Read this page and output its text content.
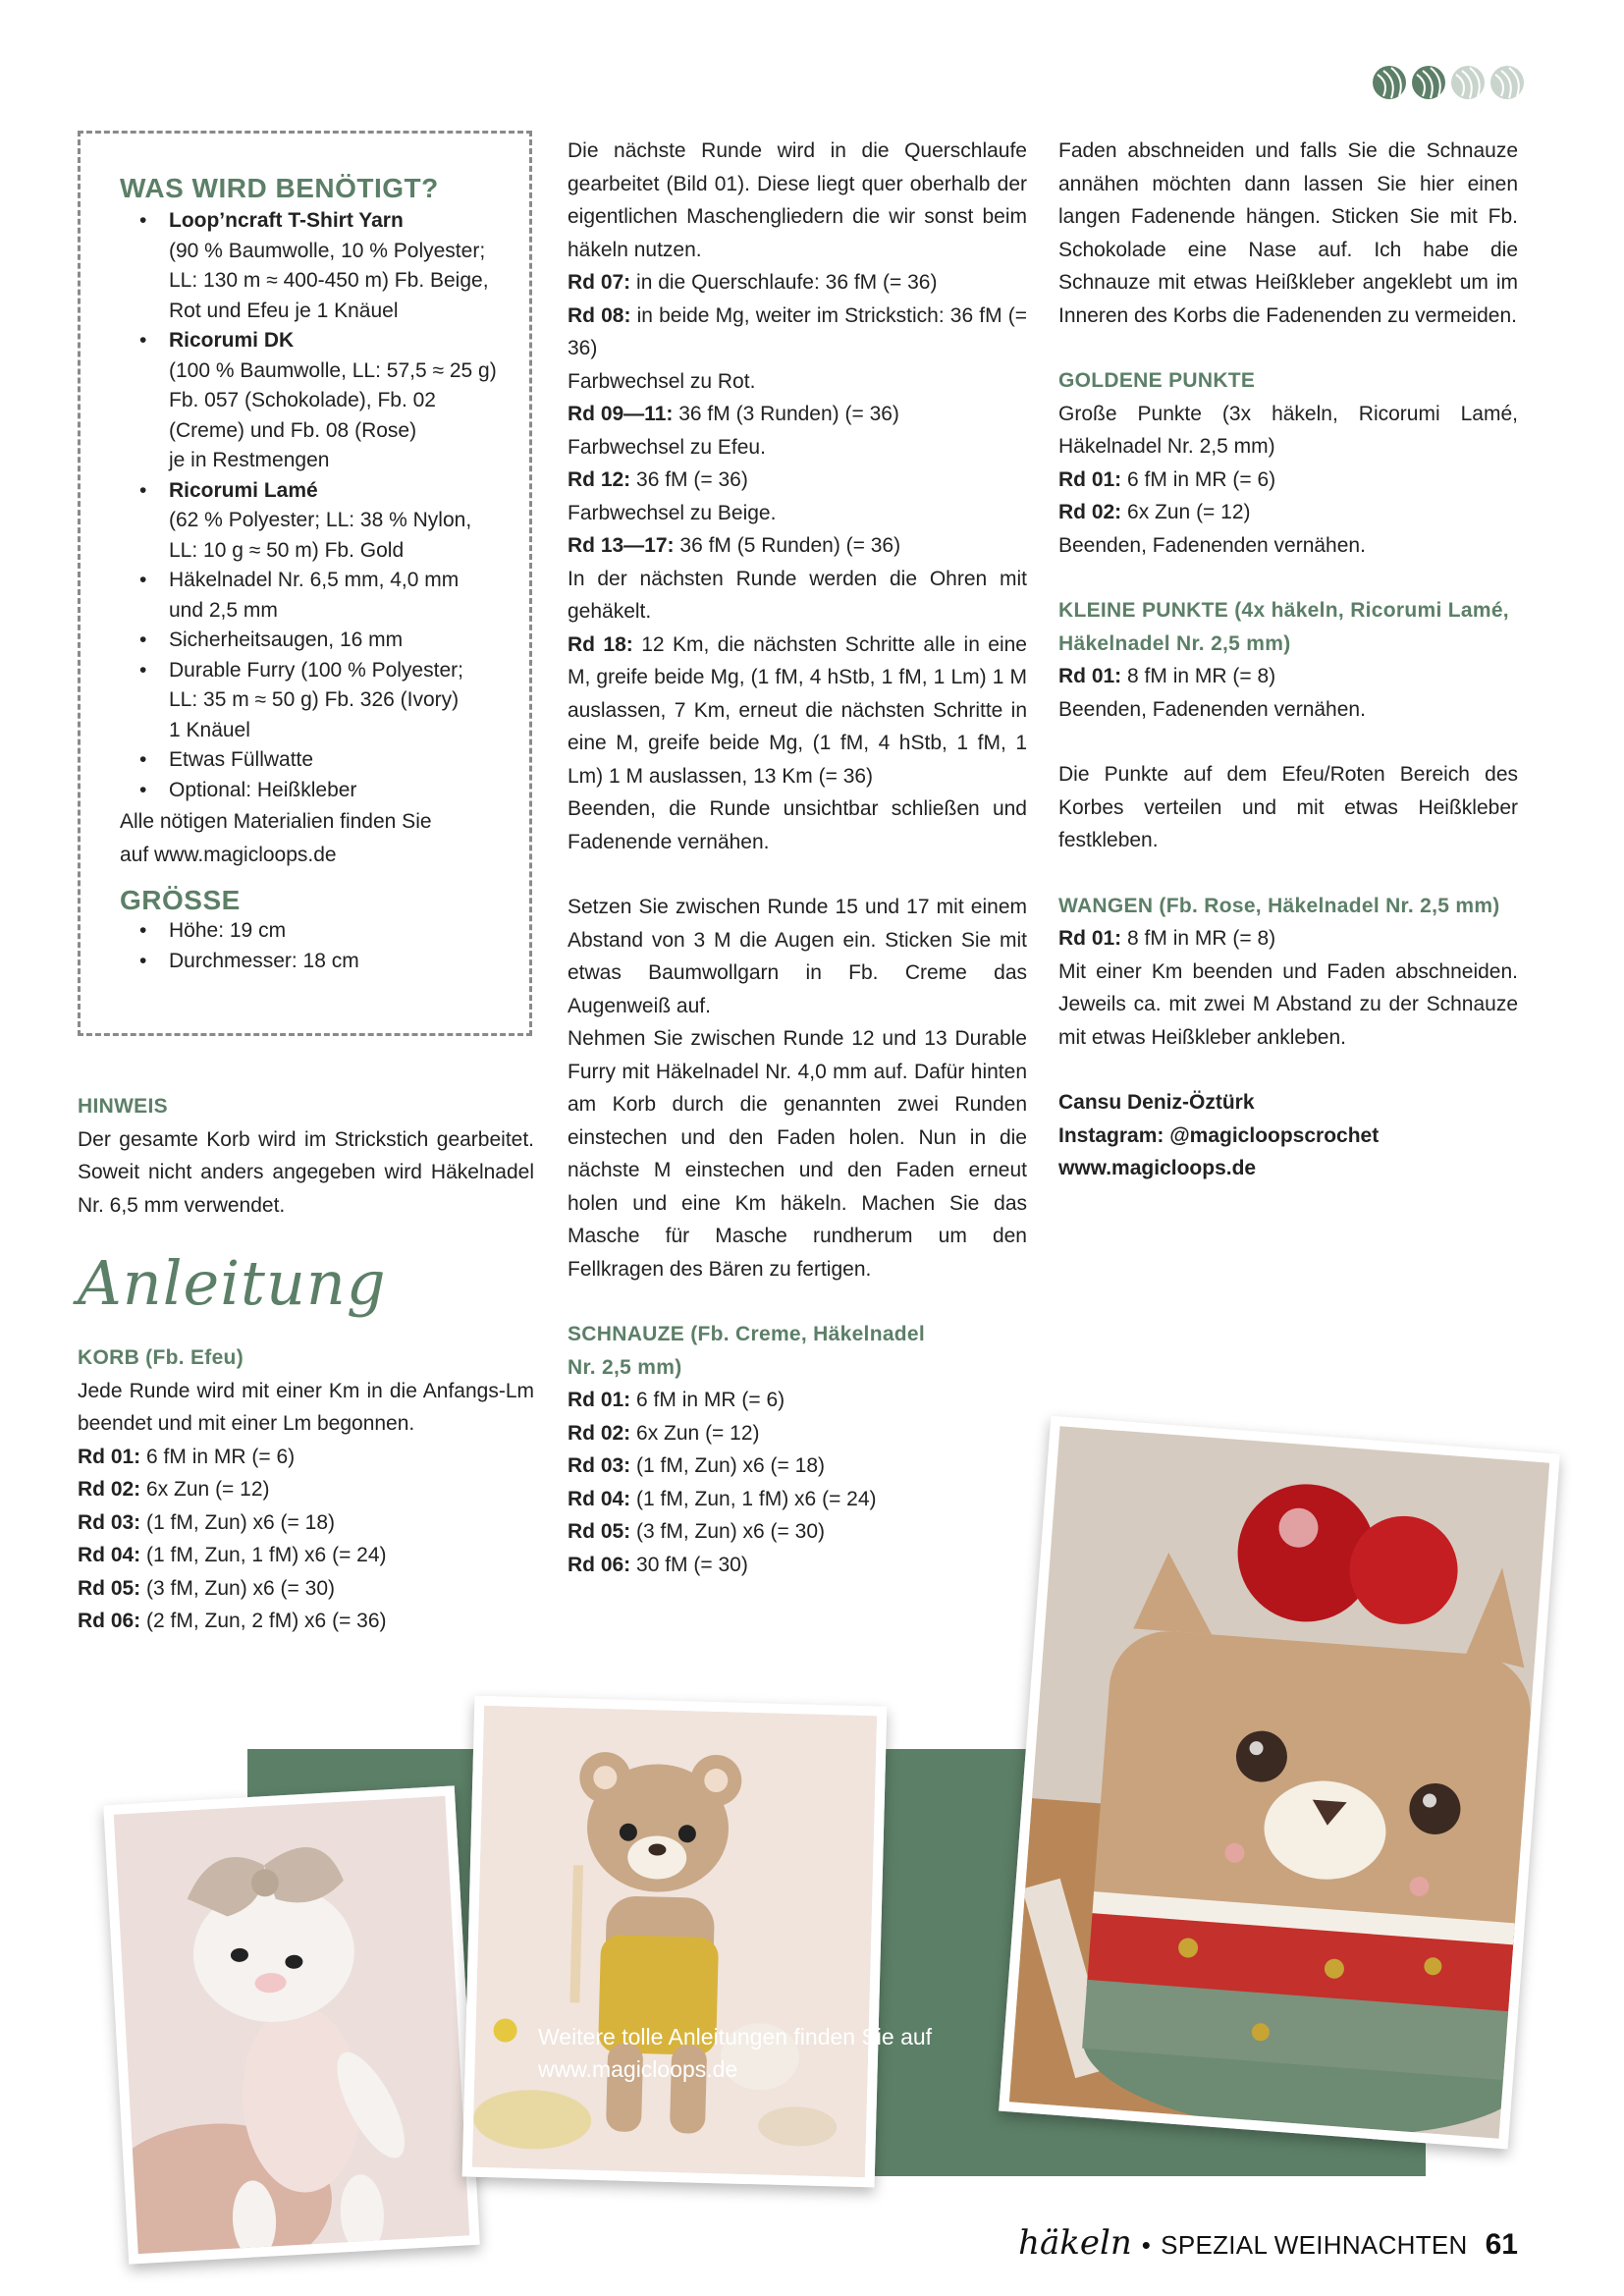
WAS WIRD BENÖTIGT?
• Loop’ncraft T-Shirt Yarn
(90 % Baumwolle, 10 % Polyester;
LL: 130 m ≈ 400-450 m) Fb. Beige,
Rot und Efeu je 1 Knäuel
• Ricorumi DK
(100 % Baumwolle, LL: 57,5 ≈ 25 g)
Fb. 057 (Schokolade), Fb. 02
(Creme) und Fb. 08 (Rose)
je in Restmengen
• Ricorumi Lamé
(62 % Polyester; LL: 38 % Nylon,
LL: 10 g ≈ 50 m) Fb. Gold
• Häkelnadel Nr. 6,5 mm, 4,0 mm
und 2,5 mm
• Sicherheitsaugen, 16 mm
• Durable Furry (100 % Polyester;
LL: 35 m ≈ 50 g) Fb. 326 (Ivory)
1 Knäuel
• Etwas Füllwatte
• Optional: Heißkleber
Alle nötigen Materialien finden Sie
auf www.magicloops.de
GRÖSSE
• Höhe: 19 cm
• Durchmesser: 18 cm
HINWEIS

Der gesamte Korb wird im Strickstich gearbeitet. Soweit nicht anders angegeben wird Häkelnadel Nr. 6,5 mm verwendet.

Anleitung
KORB (Fb. Efeu)

Jede Runde wird mit einer Km in die Anfangs-Lm beendet und mit einer Lm begonnen.

Rd 01: 6 fM in MR (= 6)
Rd 02: 6x Zun (= 12)
Rd 03: (1 fM, Zun) x6 (= 18)
Rd 04: (1 fM, Zun, 1 fM) x6 (= 24)
Rd 05: (3 fM, Zun) x6 (= 30)
Rd 06: (2 fM, Zun, 2 fM) x6 (= 36)

Die nächste Runde wird in die Querschlaufe gearbeitet (Bild 01). Diese liegt quer oberhalb der eigentlichen Maschengliedern die wir sonst beim häkeln nutzen.

Rd 07: in die Querschlaufe: 36 fM (= 36)

Rd 08: in beide Mg, weiter im Strickstich: 36 fM (= 36)

Farbwechsel zu Rot.

Rd 09—11: 36 fM (3 Runden) (= 36)

Farbwechsel zu Efeu.

Rd 12: 36 fM (= 36)

Farbwechsel zu Beige.

Rd 13—17: 36 fM (5 Runden) (= 36)

In der nächsten Runde werden die Ohren mit gehäkelt.

Rd 18: 12 Km, die nächsten Schritte alle in eine M, greife beide Mg, (1 fM, 4 hStb, 1 fM, 1 Lm) 1 M auslassen, 7 Km, erneut die nächsten Schritte in eine M, greife beide Mg, (1 fM, 4 hStb, 1 fM, 1 Lm) 1 M auslassen, 13 Km (= 36)

Beenden, die Runde unsichtbar schließen und Fadenende vernähen.

Setzen Sie zwischen Runde 15 und 17 mit einem Abstand von 3 M die Augen ein. Sticken Sie mit etwas Baumwollgarn in Fb. Creme das Augenweiß auf.

Nehmen Sie zwischen Runde 12 und 13 Durable Furry mit Häkelnadel Nr. 4,0 mm auf. Dafür hinten am Korb durch die genannten zwei Runden einstechen und den Faden holen. Nun in die nächste M einstechen und den Faden erneut holen und eine Km häkeln. Machen Sie das Masche für Masche rundherum um den Fellkragen des Bären zu fertigen.

SCHNAUZE (Fb. Creme, Häkelnadel
Nr. 2,5 mm)
Rd 01: 6 fM in MR (= 6)
Rd 02: 6x Zun (= 12)
Rd 03: (1 fM, Zun) x6 (= 18)
Rd 04: (1 fM, Zun, 1 fM) x6 (= 24)
Rd 05: (3 fM, Zun) x6 (= 30)
Rd 06: 30 fM (= 30)

Faden abschneiden und falls Sie die Schnauze annähen möchten dann lassen Sie hier einen langen Fadenende hängen. Sticken Sie mit Fb. Schokolade eine Nase auf. Ich habe die Schnauze mit etwas Heißkleber angeklebt um im Inneren des Korbs die Fadenenden zu vermeiden.

GOLDENE PUNKTE

Große Punkte (3x häkeln, Ricorumi Lamé, Häkelnadel Nr. 2,5 mm)

Rd 01: 6 fM in MR (= 6)

Rd 02: 6x Zun (= 12)

Beenden, Fadenenden vernähen.

KLEINE PUNKTE (4x häkeln, Ricorumi Lamé, Häkelnadel Nr. 2,5 mm)

Rd 01: 8 fM in MR (= 8)

Beenden, Fadenenden vernähen.

Die Punkte auf dem Efeu/Roten Bereich des Korbes verteilen und mit etwas Heißkleber festkleben.

WANGEN (Fb. Rose, Häkelnadel Nr. 2,5 mm)

Rd 01: 8 fM in MR (= 8)

Mit einer Km beenden und Faden abschneiden. Jeweils ca. mit zwei M Abstand zu der Schnauze mit etwas Heißkleber ankleben.

Cansu Deniz-Öztürk
Instagram: @magicloopscrochet
www.magicloops.de
Weitere tolle Anleitungen finden Sie auf
www.magicloops.de
häkeln • SPEZIAL WEIHNACHTEN 61
